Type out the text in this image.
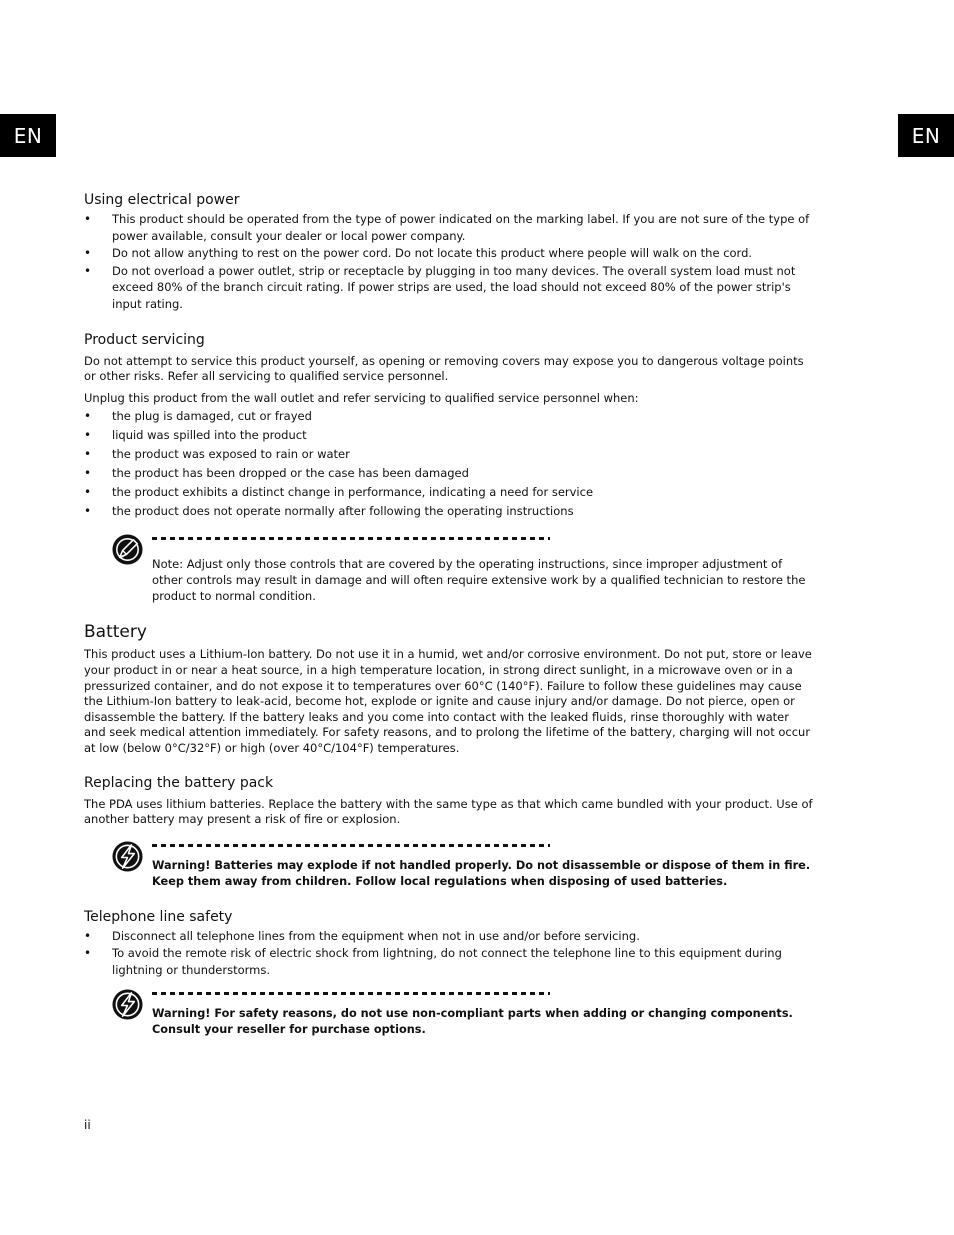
EN	EN
Using electrical power
• This product should be operated from the type of power indicated on the marking label. If you are not sure of the type of power available, consult your dealer or local power company.
• Do not allow anything to rest on the power cord. Do not locate this product where people will walk on the cord.
• Do not overload a power outlet, strip or receptacle by plugging in too many devices. The overall system load must not exceed 80% of the branch circuit rating. If power strips are used, the load should not exceed 80% of the power strip's input rating.
Product servicing

Do not attempt to service this product yourself, as opening or removing covers may expose you to dangerous voltage points or other risks. Refer all servicing to qualified service personnel.

Unplug this product from the wall outlet and refer servicing to qualified service personnel when:

• the plug is damaged, cut or frayed
• liquid was spilled into the product
• the product was exposed to rain or water
• the product has been dropped or the case has been damaged
• the product exhibits a distinct change in performance, indicating a need for service
• the product does not operate normally after following the operating instructions

Note: Adjust only those controls that are covered by the operating instructions, since improper adjustment of other controls may result in damage and will often require extensive work by a qualified technician to restore the product to normal condition.

Battery

This product uses a Lithium-Ion battery. Do not use it in a humid, wet and/or corrosive environment. Do not put, store or leave your product in or near a heat source, in a high temperature location, in strong direct sunlight, in a microwave oven or in a pressurized container, and do not expose it to temperatures over 60°C (140°F). Failure to follow these guidelines may cause the Lithium-Ion battery to leak-acid, become hot, explode or ignite and cause injury and/or damage. Do not pierce, open or disassemble the battery. If the battery leaks and you come into contact with the leaked fluids, rinse thoroughly with water and seek medical attention immediately. For safety reasons, and to prolong the lifetime of the battery, charging will not occur at low (below 0°C/32°F) or high (over 40°C/104°F) temperatures.

Replacing the battery pack

The PDA uses lithium batteries. Replace the battery with the same type as that which came bundled with your product. Use of another battery may present a risk of fire or explosion.

Warning! Batteries may explode if not handled properly. Do not disassemble or dispose of them in fire.

Keep them away from children. Follow local regulations when disposing of used batteries.

Telephone line safety
• Disconnect all telephone lines from the equipment when not in use and/or before servicing.
• To avoid the remote risk of electric shock from lightning, do not connect the telephone line to this equipment during lightning or thunderstorms.

Warning! For safety reasons, do not use non-compliant parts when adding or changing components.

Consult your reseller for purchase options.

ii
